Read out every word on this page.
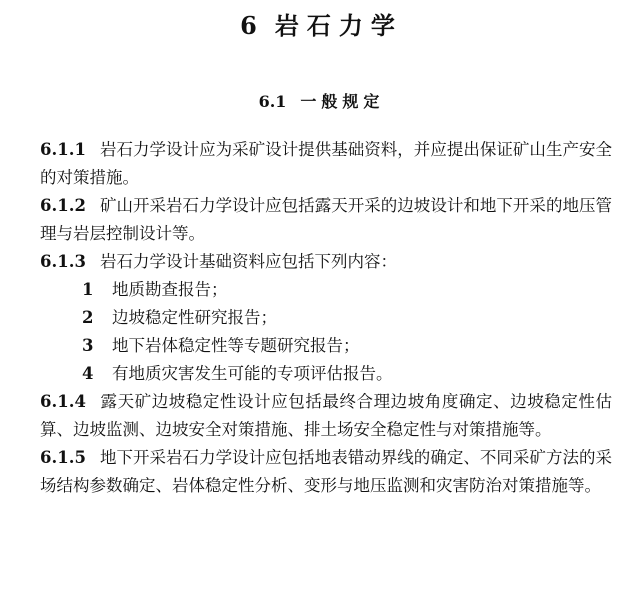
6 岩石力学
6.1 一般规定

6.1.1 岩石力学设计应为采矿设计提供基础资料，并应提出保证矿山生产安全的对策措施。

6.1.2 矿山开采岩石力学设计应包括露天开采的边坡设计和地下开采的地压管理与岩层控制设计等。

6.1.3 岩石力学设计基础资料应包括下列内容：

1 地质勘查报告；

2 边坡稳定性研究报告；

3 地下岩体稳定性等专题研究报告；

4 有地质灾害发生可能的专项评估报告。

6.1.4 露天矿边坡稳定性设计应包括最终合理边坡角度确定、边坡稳定性估算、边坡监测、边坡安全对策措施、排土场安全稳定性与对策措施等。

6.1.5 地下开采岩石力学设计应包括地表错动界线的确定、不同采矿方法的采场结构参数确定、岩体稳定性分析、变形与地压监测和灾害防治对策措施等。
